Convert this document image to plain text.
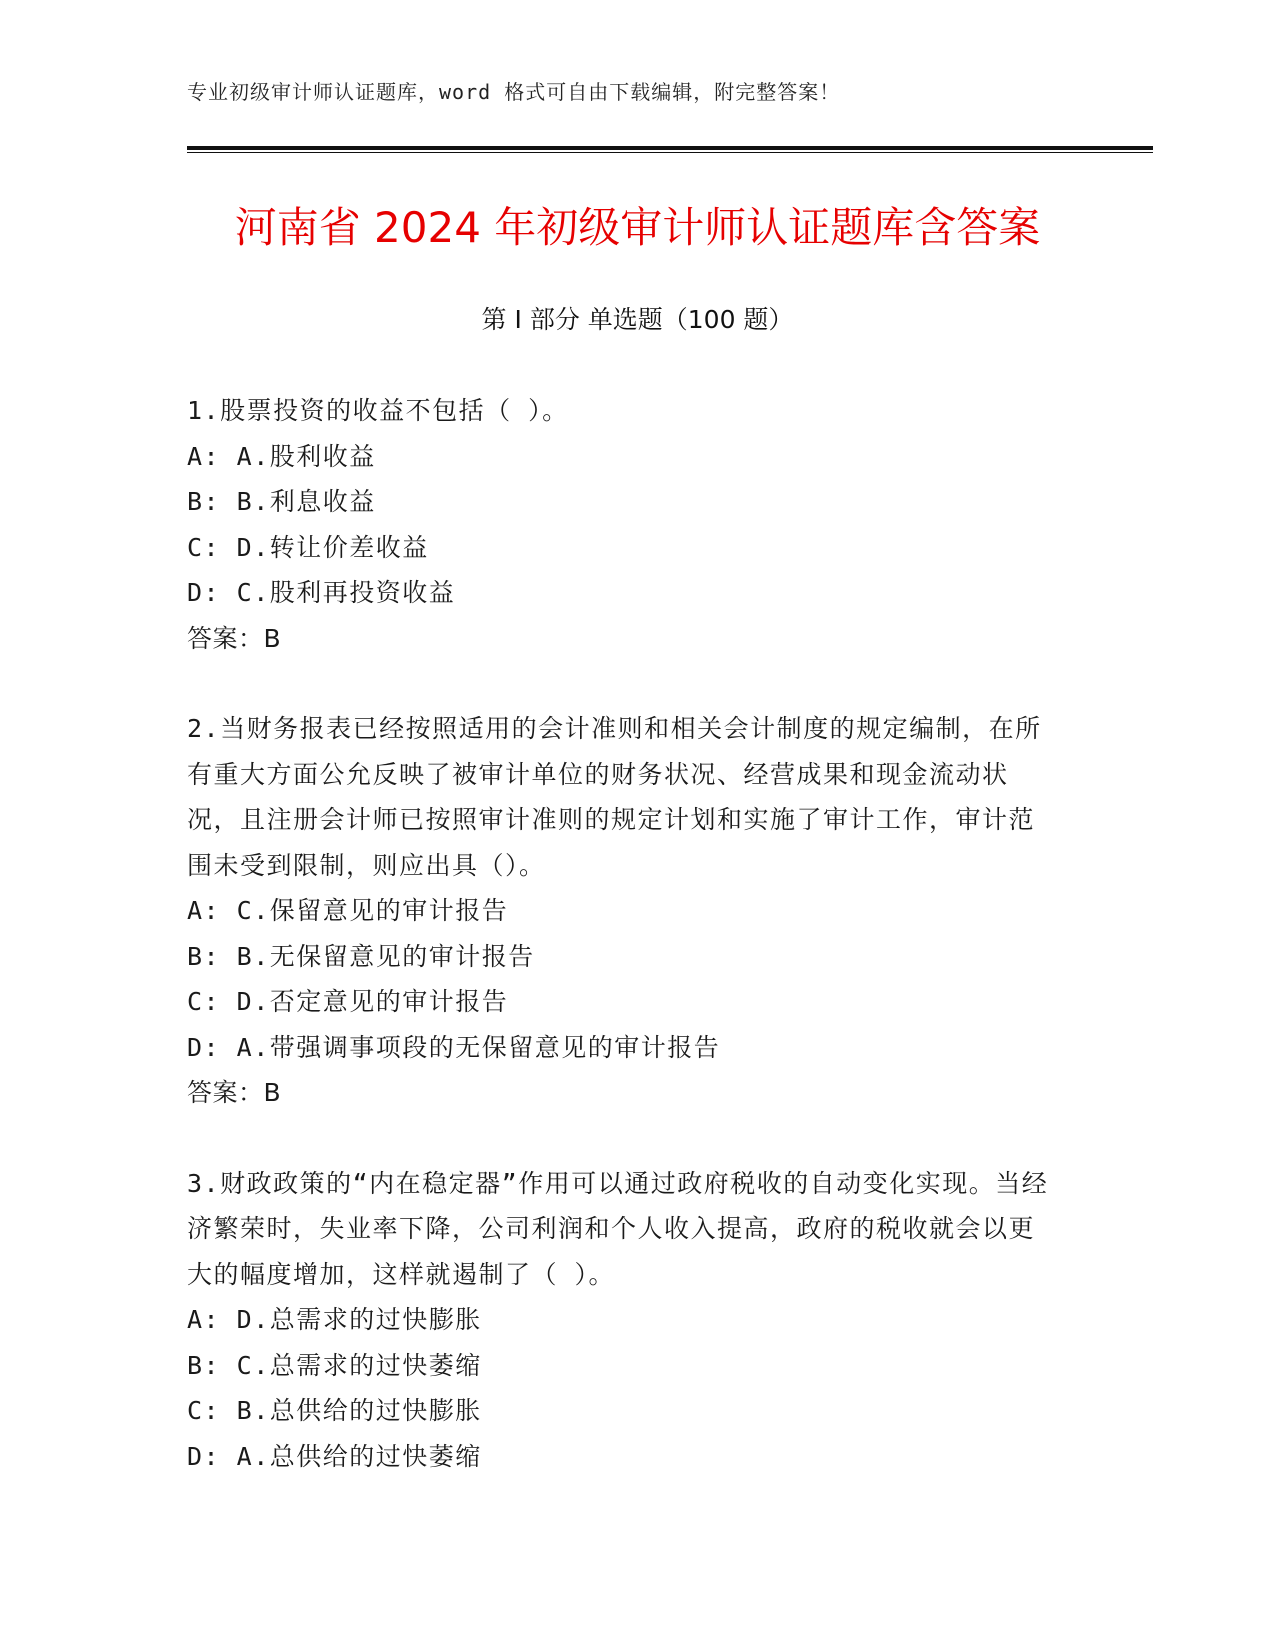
专业初级审计师认证题库，word 格式可自由下载编辑，附完整答案！
河南省 2024 年初级审计师认证题库含答案
第 I 部分 单选题（100 题）

1.股票投资的收益不包括（ ）。

A: A.股利收益

B: B.利息收益

C: D.转让价差收益

D: C.股利再投资收益

答案：B

2.当财务报表已经按照适用的会计准则和相关会计制度的规定编制，在所有重大方面公允反映了被审计单位的财务状况、经营成果和现金流动状况，且注册会计师已按照审计准则的规定计划和实施了审计工作，审计范围未受到限制，则应出具（）。

A: C.保留意见的审计报告

B: B.无保留意见的审计报告

C: D.否定意见的审计报告

D: A.带强调事项段的无保留意见的审计报告

答案：B

3.财政政策的“内在稳定器”作用可以通过政府税收的自动变化实现。当经济繁荣时，失业率下降，公司利润和个人收入提高，政府的税收就会以更大的幅度增加，这样就遏制了（ ）。

A: D.总需求的过快膨胀

B: C.总需求的过快萎缩

C: B.总供给的过快膨胀

D: A.总供给的过快萎缩
